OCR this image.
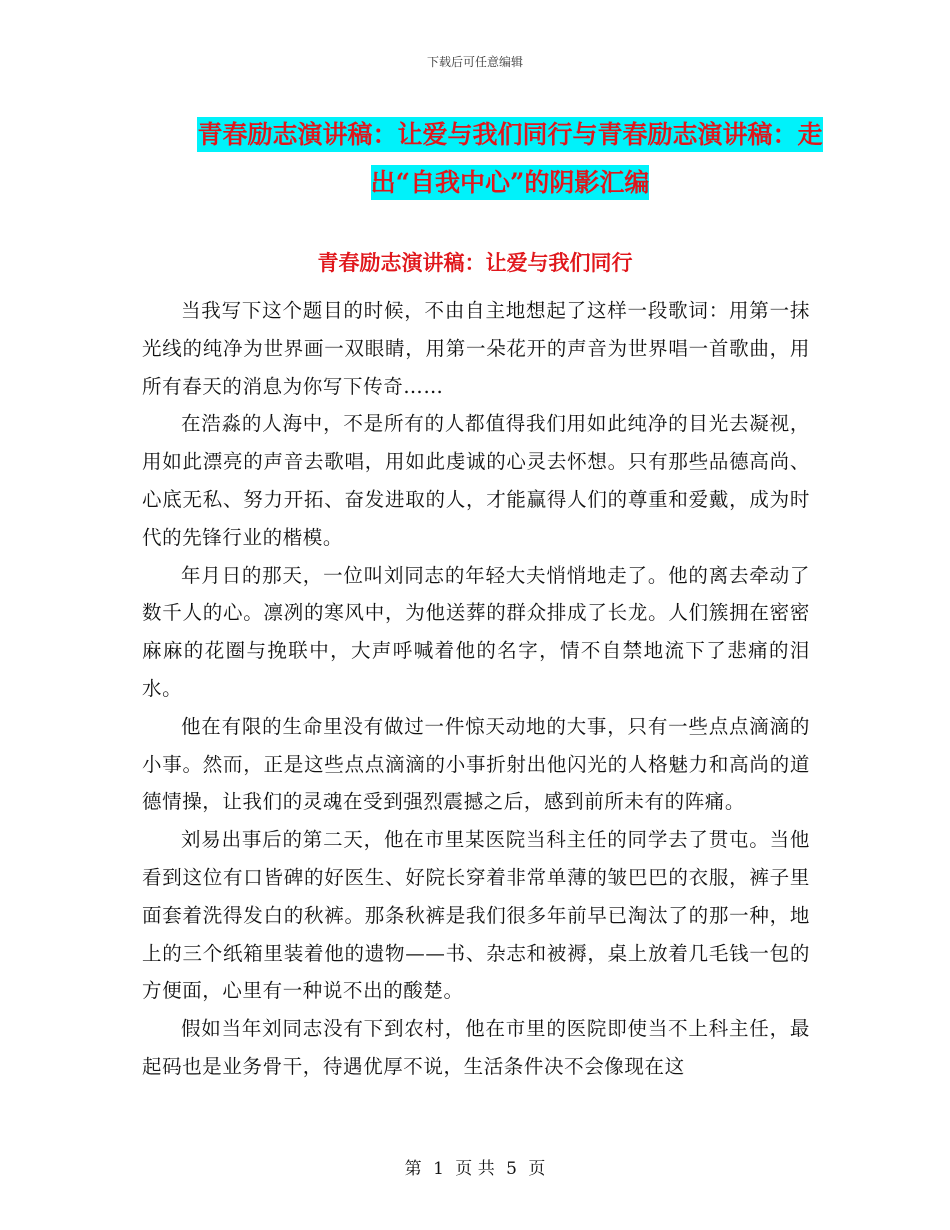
下载后可任意编辑
青春励志演讲稿：让爱与我们同行与青春励志演讲稿：走出“自我中心”的阴影汇编
青春励志演讲稿：让爱与我们同行

当我写下这个题目的时候，不由自主地想起了这样一段歌词：用第一抹光线的纯净为世界画一双眼睛，用第一朵花开的声音为世界唱一首歌曲，用所有春天的消息为你写下传奇……

在浩淼的人海中，不是所有的人都值得我们用如此纯净的目光去凝视，用如此漂亮的声音去歌唱，用如此虔诚的心灵去怀想。只有那些品德高尚、心底无私、努力开拓、奋发进取的人，才能赢得人们的尊重和爱戴，成为时代的先锋行业的楷模。

年月日的那天，一位叫刘同志的年轻大夫悄悄地走了。他的离去牵动了数千人的心。凛冽的寒风中，为他送葬的群众排成了长龙。人们簇拥在密密麻麻的花圈与挽联中，大声呼喊着他的名字，情不自禁地流下了悲痛的泪水。

他在有限的生命里没有做过一件惊天动地的大事，只有一些点点滴滴的小事。然而，正是这些点点滴滴的小事折射出他闪光的人格魅力和高尚的道德情操，让我们的灵魂在受到强烈震撼之后，感到前所未有的阵痛。

刘易出事后的第二天，他在市里某医院当科主任的同学去了贯屯。当他看到这位有口皆碑的好医生、好院长穿着非常单薄的皱巴巴的衣服，裤子里面套着洗得发白的秋裤。那条秋裤是我们很多年前早已淘汰了的那一种，地上的三个纸箱里装着他的遗物——书、杂志和被褥，桌上放着几毛钱一包的方便面，心里有一种说不出的酸楚。

假如当年刘同志没有下到农村，他在市里的医院即使当不上科主任，最起码也是业务骨干，待遇优厚不说，生活条件决不会像现在这

第 1 页 共 5 页
